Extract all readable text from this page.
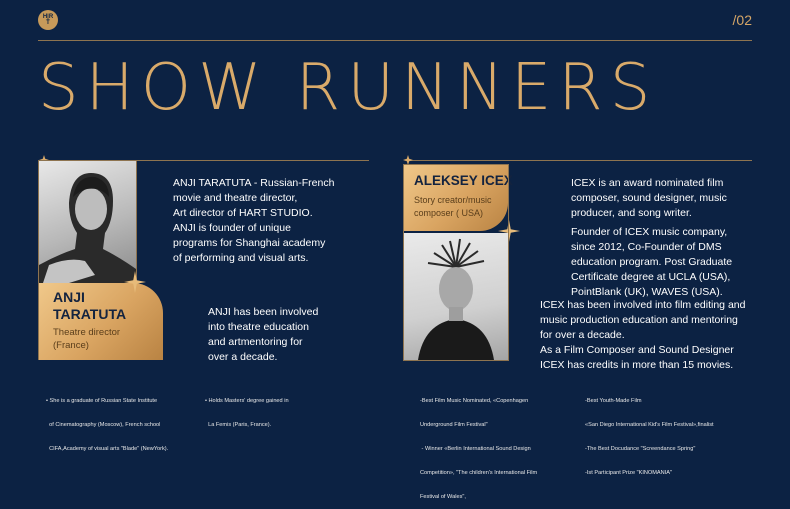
H|R
T	/02
SHOW RUNNERS
ANJI
TARATUTA
Theatre director
(France)
ANJI TARATUTA - Russian-French
movie and theatre director,
Art director of HART STUDIO.
ANJI is founder of unique
programs for Shanghai academy
of performing and visual arts.
ANJI has been involved
into theatre education
and artmentoring for
over a decade.

• She is a graduate of Russian State Institute

of Cinematography (Moscow), French school

CIFA,Academy of visual arts "Blade" (NewYork).

• Holds Masters' degree gained in

La Femis (Paris, France).

ALEKSEY ICEX
Story creator/music
composer ( USA)
ICEX is an award nominated film
composer, sound designer, music
producer, and song writer.
Founder of ICEX music company,
since 2012, Co-Founder of DMS
education program. Post Graduate
Certificate degree at UCLA (USA),
PointBlank (UK), WAVES (USA).
ICEX has been involved into film editing and
music production education and mentoring
for over a decade.
As a Film Composer and Sound Designer
ICEX has credits in more than 15 movies.

-Best Film Music Nominated, «Copenhagen

Underground Film Festival"

- Winner «Berlin International Sound Design

Competition», "The children's International Film

Festival of Wales",

-Best Youth-Made Film

«San Diego International Kid's Film Festival»,finalist

-The Best Docudance "Screendance Spring"

-Ist Participant Prize "KINOMANIA"
